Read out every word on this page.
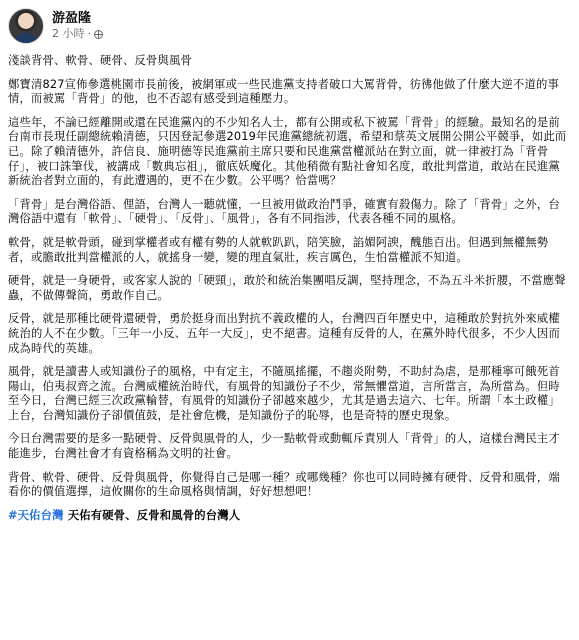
游盈隆
2 小時 ·

淺談背骨、軟骨、硬骨、反骨與風骨

鄭寶清827宣佈參選桃園市長前後，被網軍或一些民進黨支持者破口大罵背骨，彷彿他做了什麼大逆不道的事情，而被罵「背骨」的他，也不否認有感受到這種壓力。

這些年，不論已經離開或還在民進黨內的不少知名人士，都有公開或私下被罵「背骨」的經驗。最知名的是前台南市長現任副總統賴清德，只因登記參選2019年民進黨總統初選，希望和蔡英文展開公開公平競爭，如此而已。除了賴清德外，許信良、施明德等民進黨前主席只要和民進黨當權派站在對立面，就一律被打為「背骨仔」，被口誅筆伐，被講成「數典忘祖」，徹底妖魔化。其他稍微有點社會知名度，敢批判當道，敢站在民進黨新統治者對立面的，有此遭遇的，更不在少數。公平嗎？恰當嗎？

「背骨」是台灣俗語、俚語，台灣人一聽就懂，一旦被用做政治鬥爭，確實有殺傷力。除了「背骨」之外，台灣俗語中還有「軟骨」、「硬骨」、「反骨」、「風骨」，各有不同指涉，代表各種不同的風格。

軟骨，就是軟骨頭，碰到掌權者或有權有勢的人就軟趴趴，陪笑臉，諂媚阿諛，醜態百出。但遇到無權無勢者，或膽敢批判當權派的人，就搖身一變，變的理直氣壯，疾言厲色，生怕當權派不知道。

硬骨，就是一身硬骨，或客家人說的「硬頸」，敢於和統治集團唱反調，堅持理念，不為五斗米折腰，不當應聲蟲，不做傳聲筒，勇敢作自己。

反骨，就是那種比硬骨還硬骨，勇於挺身而出對抗不義政權的人，台灣四百年歷史中，這種敢於對抗外來威權統治的人不在少數。「三年一小反、五年一大反」，史不絕書。這種有反骨的人，在黨外時代很多，不少人因而成為時代的英雄。

風骨，就是讀書人或知識份子的風格，中有定主，不隨風搖擺，不趨炎附勢，不助紂為虐，是那種寧可餓死首陽山，伯夷叔齊之流。台灣威權統治時代，有風骨的知識份子不少，常無懼當道，言所當言，為所當為。但時至今日，台灣已經三次政黨輪替，有風骨的知識份子卻越來越少，尤其是過去這六、七年。所謂「本土政權」上台，台灣知識份子卻價值鼓，是社會危機，是知識份子的恥辱，也是奇特的歷史現象。

今日台灣需要的是多一點硬骨、反骨與風骨的人，少一點軟骨或動輒斥責別人「背骨」的人，這樣台灣民主才能進步，台灣社會才有資格稱為文明的社會。

背骨、軟骨、硬骨、反骨與風骨，你覺得自己是哪一種？或哪幾種？你也可以同時擁有硬骨、反骨和風骨，端看你的價值選擇，這攸關你的生命風格與情調，好好想想吧！

#天佑台灣 天佑有硬骨、反骨和風骨的台灣人
